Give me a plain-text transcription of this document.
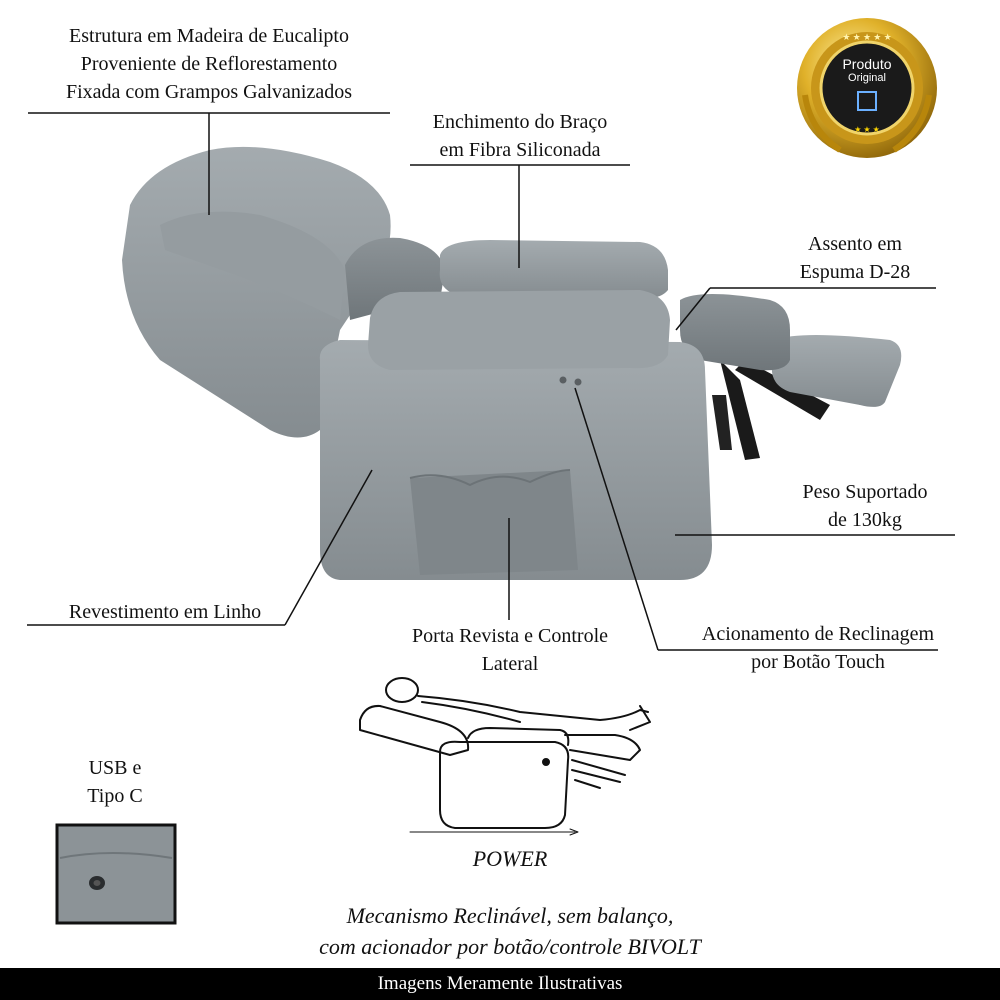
★ ★ ★ ★ ★
★ ★ ★
Produto
Original
Estrutura em Madeira de Eucalipto
Proveniente de Reflorestamento
Fixada com Grampos Galvanizados
Enchimento do Braço
em Fibra Siliconada
Assento em
Espuma D-28
Peso Suportado
de 130kg
Revestimento em Linho
Porta Revista e Controle
Lateral
Acionamento de Reclinagem
por Botão Touch
USB e
Tipo C
POWER
Mecanismo Reclinável, sem balanço,
com acionador por botão/controle BIVOLT
Imagens Meramente Ilustrativas
